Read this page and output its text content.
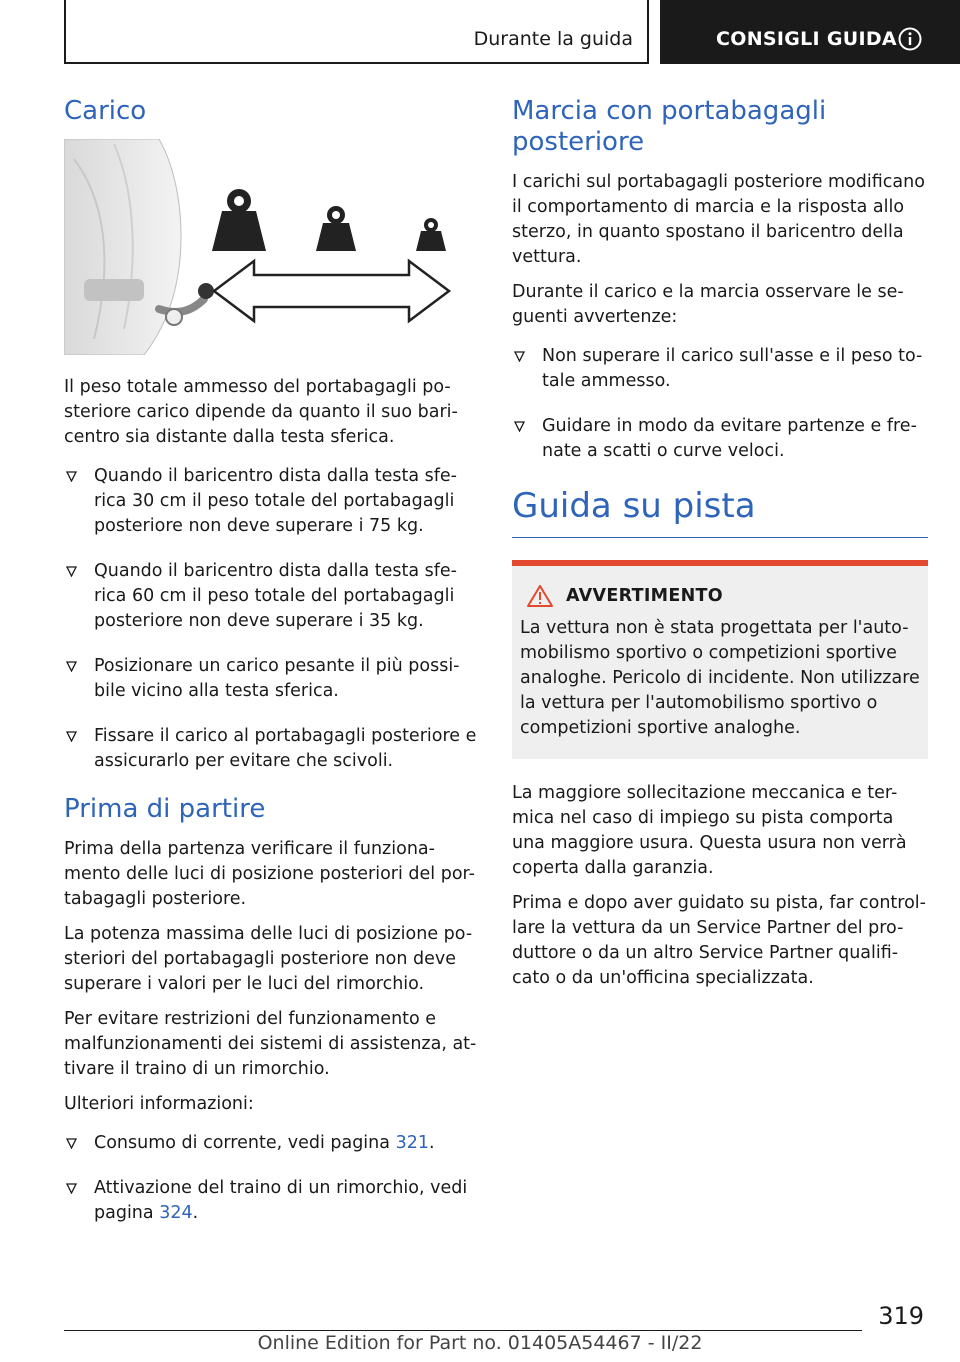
Durante la guida	CONSIGLI GUIDA
Carico

Il peso totale ammesso del portabagagli po-steriore carico dipende da quanto il suo bari-centro sia distante dalla testa sferica.

Quando il baricentro dista dalla testa sfe-rica 30 cm il peso totale del portabagagli posteriore non deve superare i 75 kg.
Quando il baricentro dista dalla testa sfe-rica 60 cm il peso totale del portabagagli posteriore non deve superare i 35 kg.
Posizionare un carico pesante il più possi-bile vicino alla testa sferica.
Fissare il carico al portabagagli posteriore e assicurarlo per evitare che scivoli.
Prima di partire

Prima della partenza verificare il funziona-mento delle luci di posizione posteriori del por-tabagagli posteriore.

La potenza massima delle luci di posizione po-steriori del portabagagli posteriore non deve superare i valori per le luci del rimorchio.

Per evitare restrizioni del funzionamento e malfunzionamenti dei sistemi di assistenza, at-tivare il traino di un rimorchio.

Ulteriori informazioni:

Consumo di corrente, vedi pagina 321.
Attivazione del traino di un rimorchio, vedi pagina 324.
Marcia con portabagagli posteriore

I carichi sul portabagagli posteriore modificano il comportamento di marcia e la risposta allo sterzo, in quanto spostano il baricentro della vettura.

Durante il carico e la marcia osservare le se-guenti avvertenze:

Non superare il carico sull'asse e il peso to-tale ammesso.
Guidare in modo da evitare partenze e fre-nate a scatti o curve veloci.
Guida su pista
AVVERTIMENTO

La vettura non è stata progettata per l'auto-mobilismo sportivo o competizioni sportive analoghe. Pericolo di incidente. Non utilizzare la vettura per l'automobilismo sportivo o competizioni sportive analoghe.

La maggiore sollecitazione meccanica e ter-mica nel caso di impiego su pista comporta una maggiore usura. Questa usura non verrà coperta dalla garanzia.

Prima e dopo aver guidato su pista, far control-lare la vettura da un Service Partner del pro-duttore o da un altro Service Partner qualifi-cato o da un'officina specializzata.

319
Online Edition for Part no. 01405A54467 - II/22
